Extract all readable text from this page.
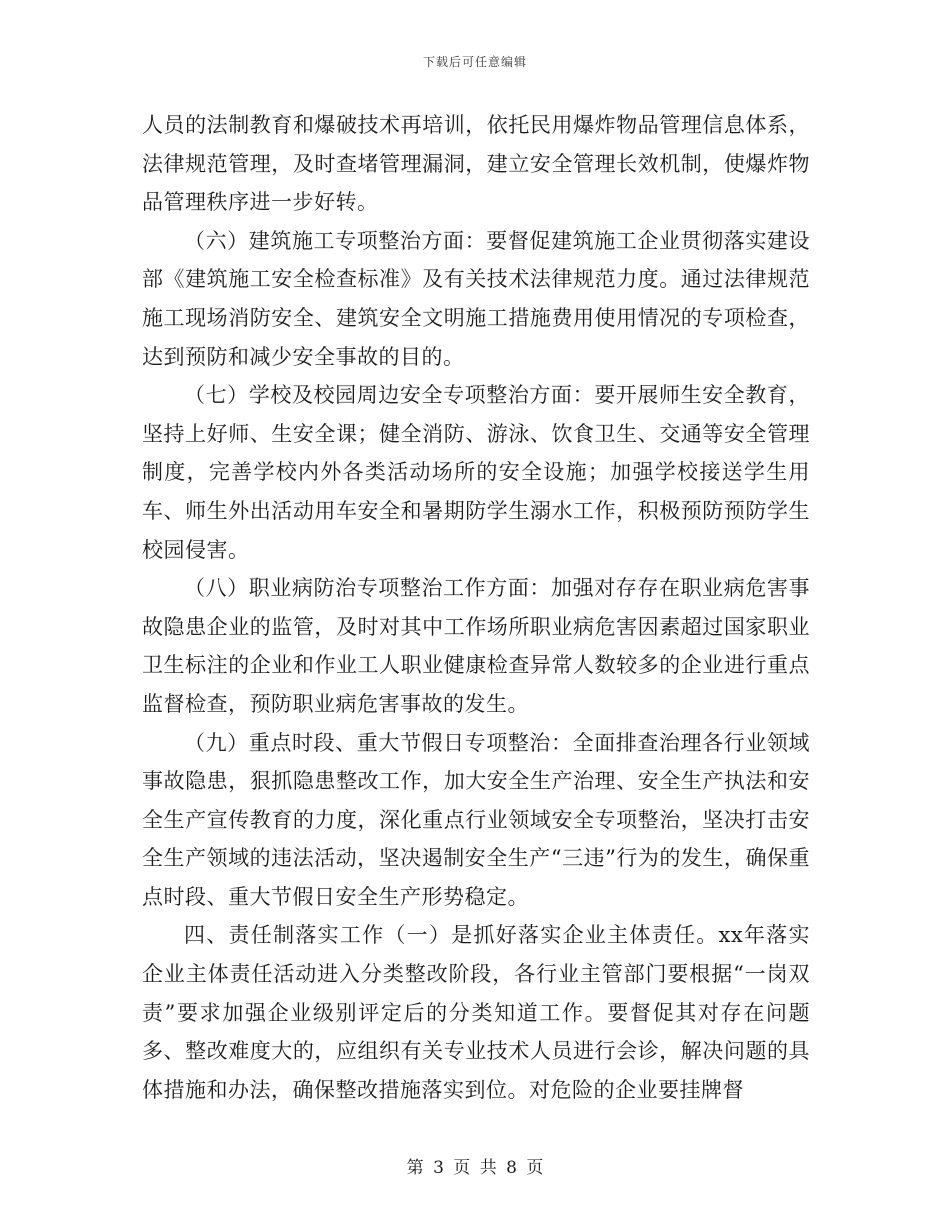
下载后可任意编辑

人员的法制教育和爆破技术再培训，依托民用爆炸物品管理信息体系，法律规范管理，及时查堵管理漏洞，建立安全管理长效机制，使爆炸物品管理秩序进一步好转。

（六）建筑施工专项整治方面：要督促建筑施工企业贯彻落实建设部《建筑施工安全检查标准》及有关技术法律规范力度。通过法律规范施工现场消防安全、建筑安全文明施工措施费用使用情况的专项检查，达到预防和减少安全事故的目的。

（七）学校及校园周边安全专项整治方面：要开展师生安全教育，坚持上好师、生安全课；健全消防、游泳、饮食卫生、交通等安全管理制度，完善学校内外各类活动场所的安全设施；加强学校接送学生用车、师生外出活动用车安全和暑期防学生溺水工作，积极预防预防学生校园侵害。

（八）职业病防治专项整治工作方面：加强对存存在职业病危害事故隐患企业的监管，及时对其中工作场所职业病危害因素超过国家职业卫生标注的企业和作业工人职业健康检查异常人数较多的企业进行重点监督检查，预防职业病危害事故的发生。

（九）重点时段、重大节假日专项整治：全面排查治理各行业领域事故隐患，狠抓隐患整改工作，加大安全生产治理、安全生产执法和安全生产宣传教育的力度，深化重点行业领域安全专项整治，坚决打击安全生产领域的违法活动，坚决遏制安全生产“三违”行为的发生，确保重点时段、重大节假日安全生产形势稳定。

四、责任制落实工作（一）是抓好落实企业主体责任。xx年落实企业主体责任活动进入分类整改阶段，各行业主管部门要根据“一岗双责”要求加强企业级别评定后的分类知道工作。要督促其对存在问题多、整改难度大的，应组织有关专业技术人员进行会诊，解决问题的具体措施和办法，确保整改措施落实到位。对危险的企业要挂牌督

第 3 页 共 8 页
